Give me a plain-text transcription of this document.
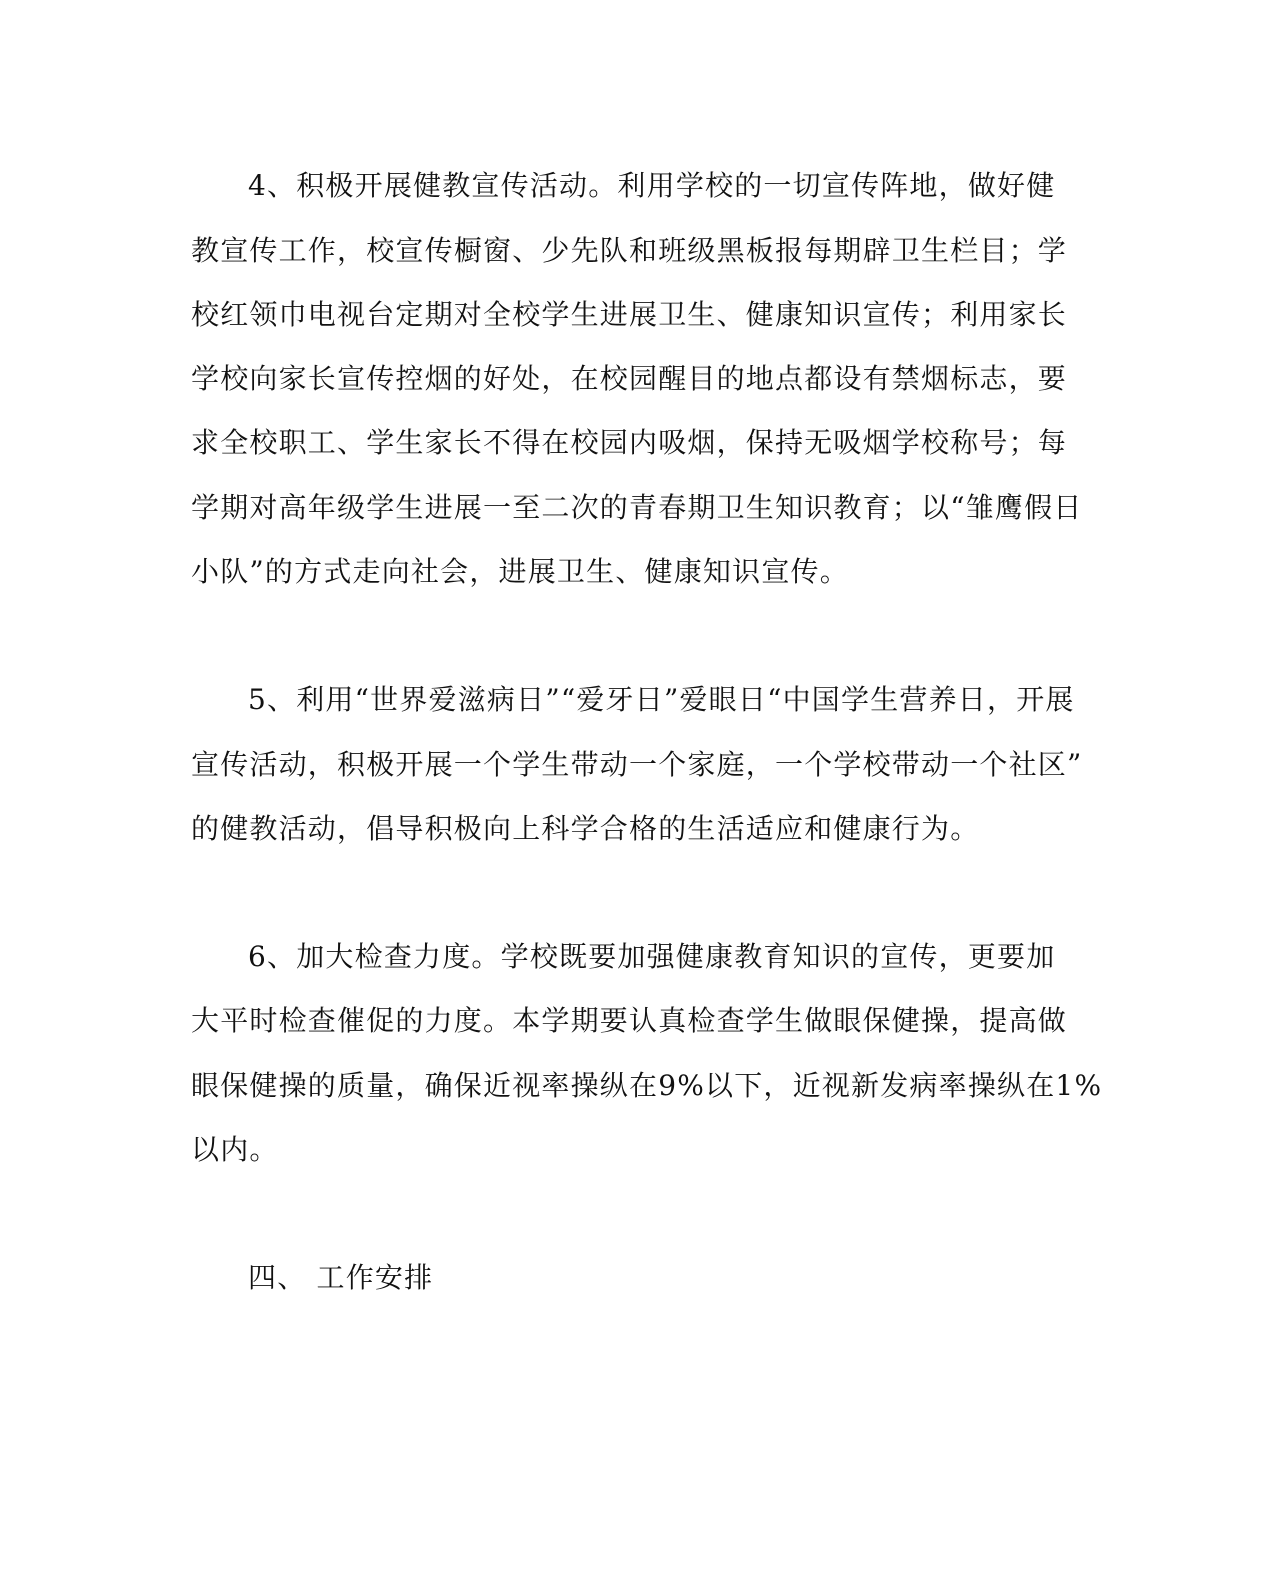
4、积极开展健教宣传活动。利用学校的一切宣传阵地，做好健
教宣传工作，校宣传橱窗、少先队和班级黑板报每期辟卫生栏目；学
校红领巾电视台定期对全校学生进展卫生、健康知识宣传；利用家长
学校向家长宣传控烟的好处，在校园醒目的地点都设有禁烟标志，要
求全校职工、学生家长不得在校园内吸烟，保持无吸烟学校称号；每
学期对高年级学生进展一至二次的青春期卫生知识教育；以“雏鹰假日
小队”的方式走向社会，进展卫生、健康知识宣传。
5、利用“世界爱滋病日”“爱牙日”爱眼日“中国学生营养日，开展
宣传活动，积极开展一个学生带动一个家庭，一个学校带动一个社区”
的健教活动，倡导积极向上科学合格的生活适应和健康行为。
6、加大检查力度。学校既要加强健康教育知识的宣传，更要加
大平时检查催促的力度。本学期要认真检查学生做眼保健操，提高做
眼保健操的质量，确保近视率操纵在9%以下，近视新发病率操纵在1%
以内。
四、 工作安排
